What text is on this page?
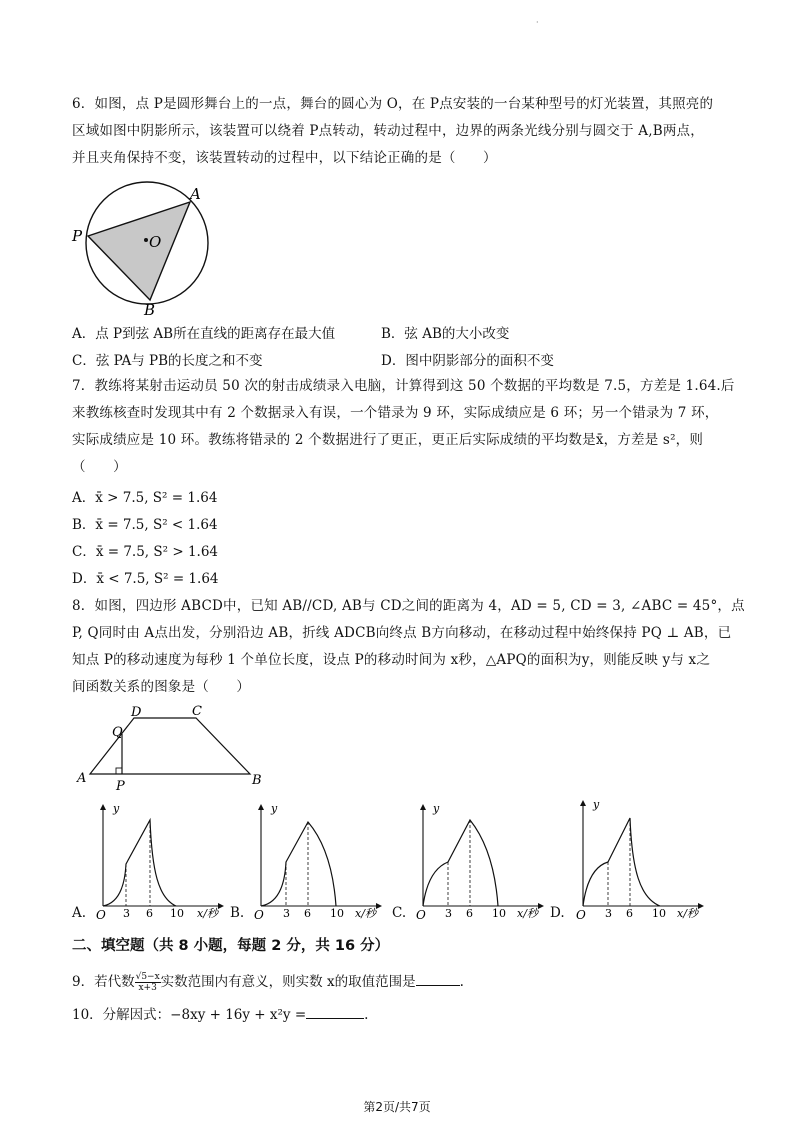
·
6．如图，点 P是圆形舞台上的一点，舞台的圆心为 O，在 P点安装的一台某种型号的灯光装置，其照亮的
区域如图中阴影所示，该装置可以绕着 P点转动，转动过程中，边界的两条光线分别与圆交于 A,B两点，
并且夹角保持不变，该装置转动的过程中，以下结论正确的是（　　）
P
A
B
O
A．点 P到弦 AB所在直线的距离存在最大值	B．弦 AB的大小改变
C．弦 PA与 PB的长度之和不变	D．图中阴影部分的面积不变
7．教练将某射击运动员 50 次的射击成绩录入电脑，计算得到这 50 个数据的平均数是 7.5，方差是 1.64.后
来教练核查时发现其中有 2 个数据录入有误，一个错录为 9 环，实际成绩应是 6 环；另一个错录为 7 环，
实际成绩应是 10 环。教练将错录的 2 个数据进行了更正，更正后实际成绩的平均数是x̄，方差是 s²，则
（　　）
A．x̄ > 7.5, S² = 1.64
B．x̄ = 7.5, S² < 1.64
C．x̄ = 7.5, S² > 1.64
D．x̄ < 7.5, S² = 1.64
8．如图，四边形 ABCD中，已知 AB//CD, AB与 CD之间的距离为 4，AD = 5, CD = 3, ∠ABC = 45°，点
P, Q同时由 A点出发，分别沿边 AB，折线 ADCB向终点 B方向移动，在移动过程中始终保持 PQ ⊥ AB，已
知点 P的移动速度为每秒 1 个单位长度，设点 P的移动时间为 x秒，△APQ的面积为y，则能反映 y与 x之
间函数关系的图象是（　　）
A	B
C
D
P
Q
y
O 3 6 10 x/秒
A.
y
O 3 6 10 x/秒
B.
y
O 3 6 10 x/秒
C.
y
O 3 6 10 x/秒
D.
二、填空题（共 8 小题，每题 2 分，共 16 分）
9．若代数 $\frac{√5-x}{x+3}$ 实数范围内有意义，则实数 x的取值范围是	.
10．分解因式：−8xy + 16y + x²y =	.
第2页/共7页
